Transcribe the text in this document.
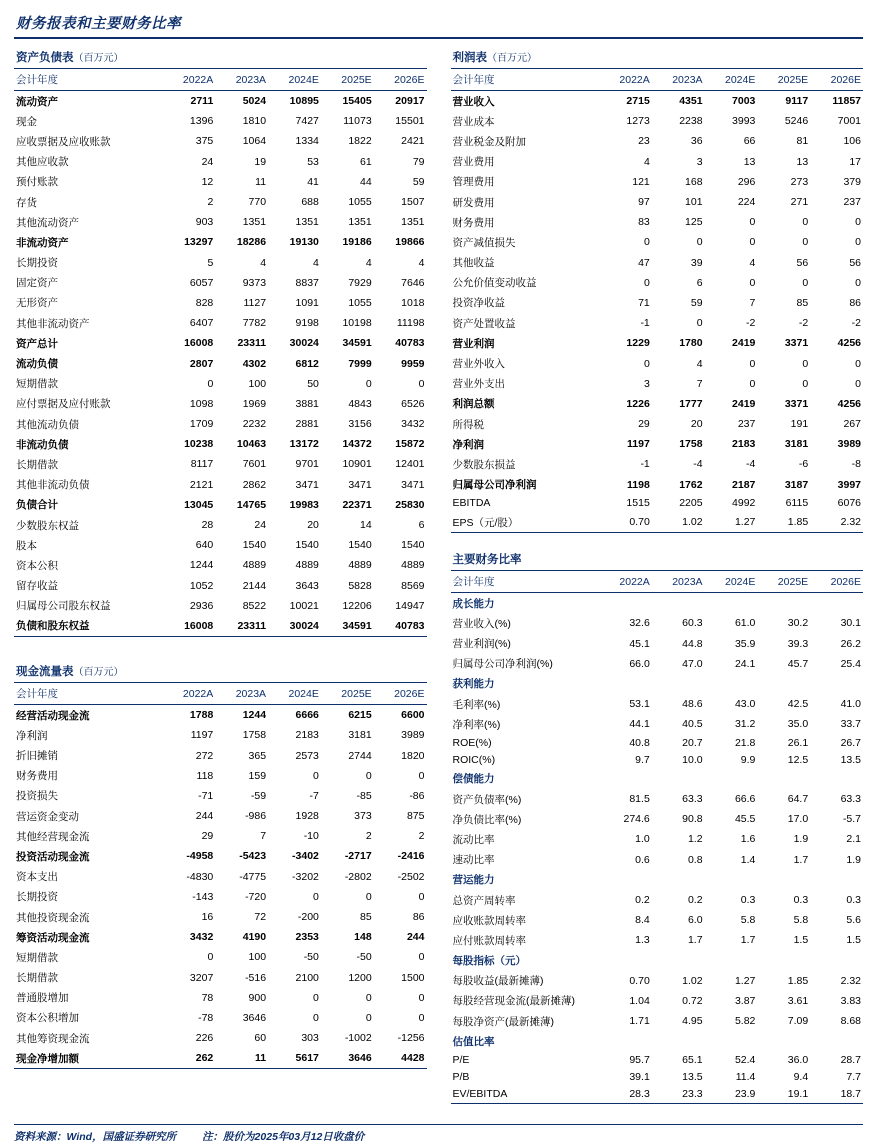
财务报表和主要财务比率
资产负债表（百万元）
会计年度	2022A	2023A	2024E	2025E	2026E
流动资产	2711	5024	10895	15405	20917
现金	1396	1810	7427	11073	15501
应收票据及应收账款	375	1064	1334	1822	2421
其他应收款	24	19	53	61	79
预付账款	12	11	41	44	59
存货	2	770	688	1055	1507
其他流动资产	903	1351	1351	1351	1351
非流动资产	13297	18286	19130	19186	19866
长期投资	5	4	4	4	4
固定资产	6057	9373	8837	7929	7646
无形资产	828	1127	1091	1055	1018
其他非流动资产	6407	7782	9198	10198	11198
资产总计	16008	23311	30024	34591	40783
流动负债	2807	4302	6812	7999	9959
短期借款	0	100	50	0	0
应付票据及应付账款	1098	1969	3881	4843	6526
其他流动负债	1709	2232	2881	3156	3432
非流动负债	10238	10463	13172	14372	15872
长期借款	8117	7601	9701	10901	12401
其他非流动负债	2121	2862	3471	3471	3471
负债合计	13045	14765	19983	22371	25830
少数股东权益	28	24	20	14	6
股本	640	1540	1540	1540	1540
资本公积	1244	4889	4889	4889	4889
留存收益	1052	2144	3643	5828	8569
归属母公司股东权益	2936	8522	10021	12206	14947
负债和股东权益	16008	23311	30024	34591	40783
现金流量表（百万元）
会计年度	2022A	2023A	2024E	2025E	2026E
经营活动现金流	1788	1244	6666	6215	6600
净利润	1197	1758	2183	3181	3989
折旧摊销	272	365	2573	2744	1820
财务费用	118	159	0	0	0
投资损失	-71	-59	-7	-85	-86
营运资金变动	244	-986	1928	373	875
其他经营现金流	29	7	-10	2	2
投资活动现金流	-4958	-5423	-3402	-2717	-2416
资本支出	-4830	-4775	-3202	-2802	-2502
长期投资	-143	-720	0	0	0
其他投资现金流	16	72	-200	85	86
筹资活动现金流	3432	4190	2353	148	244
短期借款	0	100	-50	-50	0
长期借款	3207	-516	2100	1200	1500
普通股增加	78	900	0	0	0
资本公积增加	-78	3646	0	0	0
其他筹资现金流	226	60	303	-1002	-1256
现金净增加额	262	11	5617	3646	4428
利润表（百万元）
会计年度	2022A	2023A	2024E	2025E	2026E
营业收入	2715	4351	7003	9117	11857
营业成本	1273	2238	3993	5246	7001
营业税金及附加	23	36	66	81	106
营业费用	4	3	13	13	17
管理费用	121	168	296	273	379
研发费用	97	101	224	271	237
财务费用	83	125	0	0	0
资产减值损失	0	0	0	0	0
其他收益	47	39	4	56	56
公允价值变动收益	0	6	0	0	0
投资净收益	71	59	7	85	86
资产处置收益	-1	0	-2	-2	-2
营业利润	1229	1780	2419	3371	4256
营业外收入	0	4	0	0	0
营业外支出	3	7	0	0	0
利润总额	1226	1777	2419	3371	4256
所得税	29	20	237	191	267
净利润	1197	1758	2183	3181	3989
少数股东损益	-1	-4	-4	-6	-8
归属母公司净利润	1198	1762	2187	3187	3997
EBITDA	1515	2205	4992	6115	6076
EPS（元/股）	0.70	1.02	1.27	1.85	2.32
主要财务比率
会计年度	2022A	2023A	2024E	2025E	2026E
成长能力					
营业收入(%)	32.6	60.3	61.0	30.2	30.1
营业利润(%)	45.1	44.8	35.9	39.3	26.2
归属母公司净利润(%)	66.0	47.0	24.1	45.7	25.4
获利能力					
毛利率(%)	53.1	48.6	43.0	42.5	41.0
净利率(%)	44.1	40.5	31.2	35.0	33.7
ROE(%)	40.8	20.7	21.8	26.1	26.7
ROIC(%)	9.7	10.0	9.9	12.5	13.5
偿债能力					
资产负债率(%)	81.5	63.3	66.6	64.7	63.3
净负债比率(%)	274.6	90.8	45.5	17.0	-5.7
流动比率	1.0	1.2	1.6	1.9	2.1
速动比率	0.6	0.8	1.4	1.7	1.9
营运能力					
总资产周转率	0.2	0.2	0.3	0.3	0.3
应收账款周转率	8.4	6.0	5.8	5.8	5.6
应付账款周转率	1.3	1.7	1.7	1.5	1.5
每股指标（元）					
每股收益(最新摊薄)	0.70	1.02	1.27	1.85	2.32
每股经营现金流(最新摊薄)	1.04	0.72	3.87	3.61	3.83
每股净资产(最新摊薄)	1.71	4.95	5.82	7.09	8.68
估值比率					
P/E	95.7	65.1	52.4	36.0	28.7
P/B	39.1	13.5	11.4	9.4	7.7
EV/EBITDA	28.3	23.3	23.9	19.1	18.7
资料来源：Wind，国盛证券研究所 注：股价为2025年03月12日收盘价
